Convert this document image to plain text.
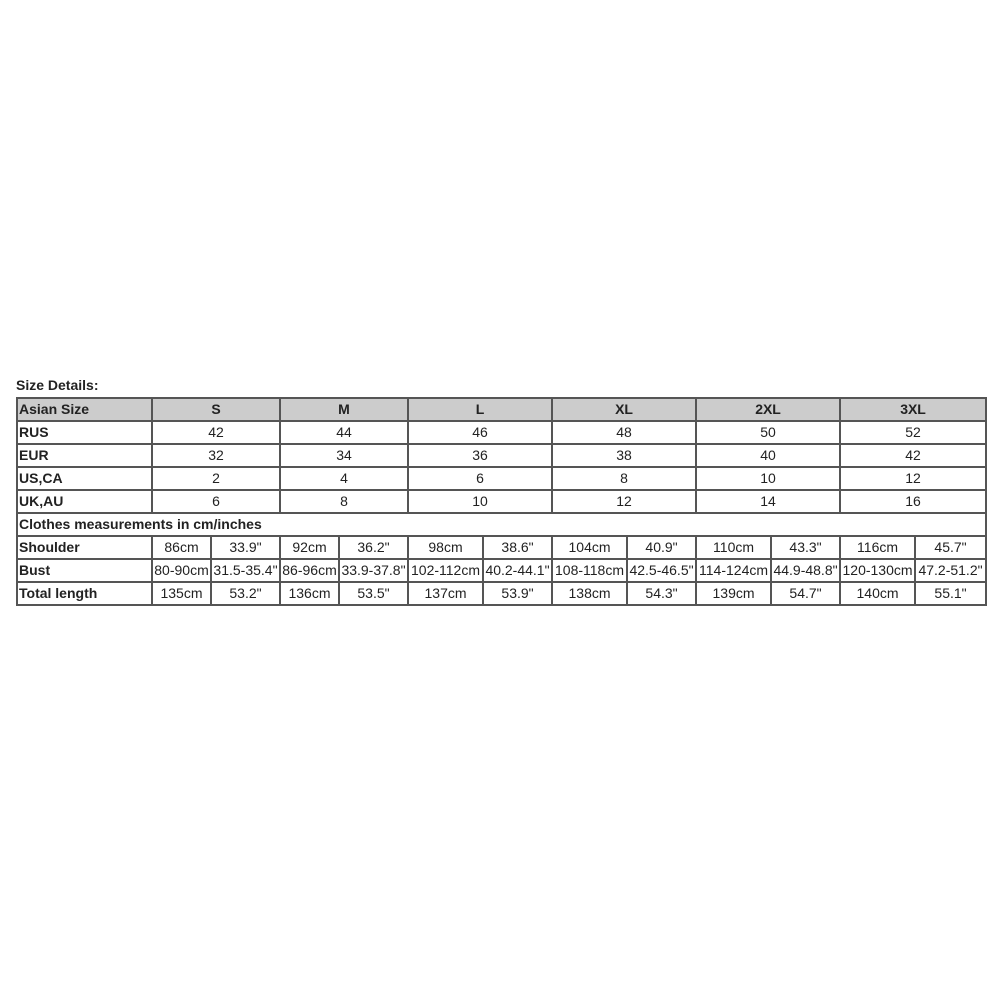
Size Details:
Asian Size	S		M		L		XL		2XL		3XL	
RUS	42		44		46		48		50		52	
EUR	32		34		36		38		40		42	
US,CA	2		4		6		8		10		12	
UK,AU	6		8		10		12		14		16	
Clothes measurements in cm/inches												
Shoulder	86cm	33.9"	92cm	36.2"	98cm	38.6"	104cm	40.9"	110cm	43.3"	116cm	45.7"
Bust	80-90cm	31.5-35.4"	86-96cm	33.9-37.8"	102-112cm	40.2-44.1"	108-118cm	42.5-46.5"	114-124cm	44.9-48.8"	120-130cm	47.2-51.2"
Total length	135cm	53.2"	136cm	53.5"	137cm	53.9"	138cm	54.3"	139cm	54.7"	140cm	55.1"
